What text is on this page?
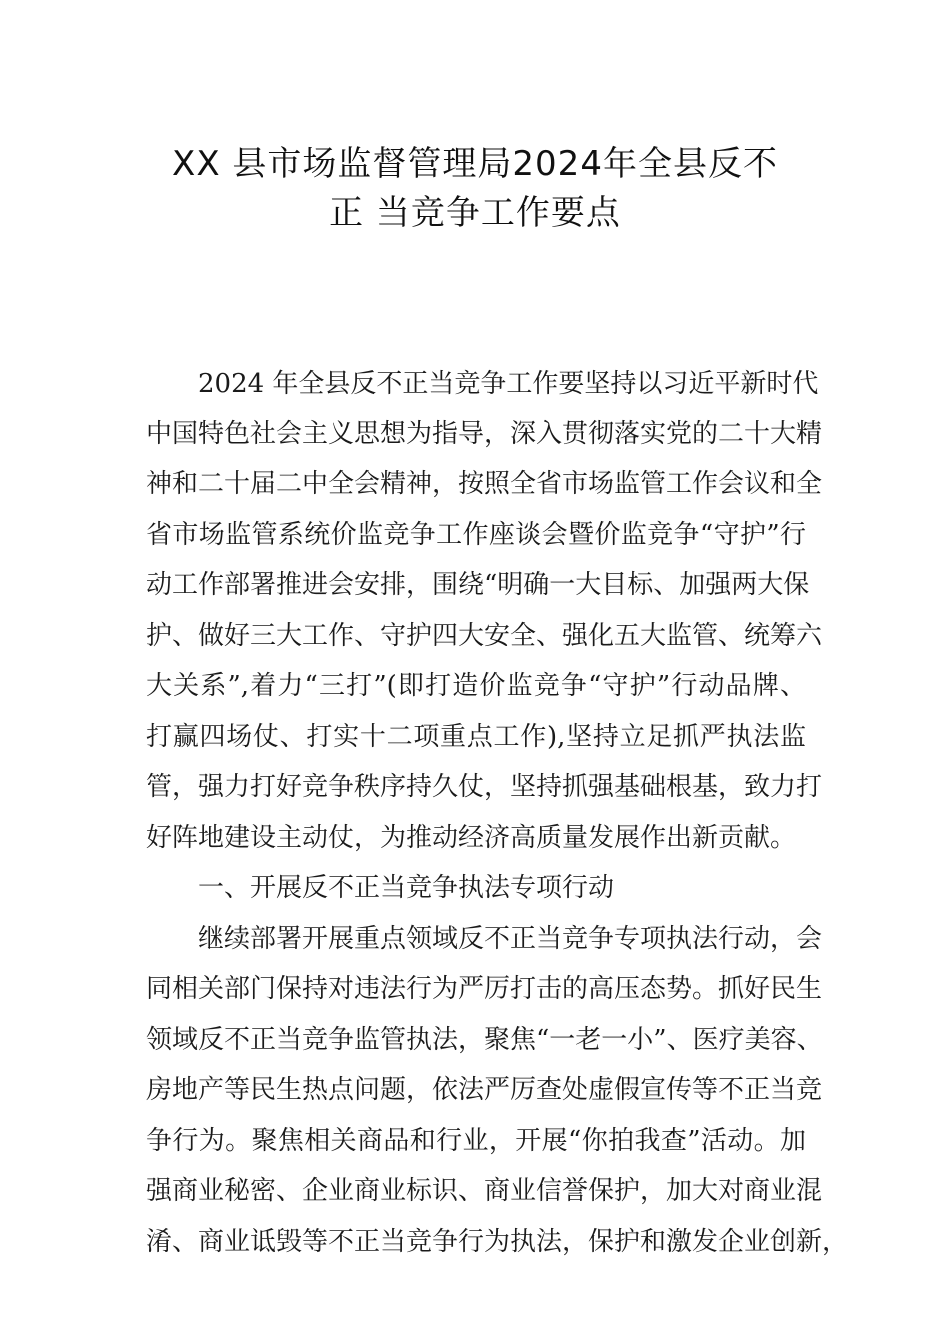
XX 县市场监督管理局2024年全县反不
正 当竞争工作要点
2024 年全县反不正当竞争工作要坚持以习近平新时代
中国特色社会主义思想为指导，深入贯彻落实党的二十大精
神和二十届二中全会精神，按照全省市场监管工作会议和全
省市场监管系统价监竞争工作座谈会暨价监竞争“守护”行
动工作部署推进会安排，围绕“明确一大目标、加强两大保
护、做好三大工作、守护四大安全、强化五大监管、统筹六
大关系”,着力“三打”(即打造价监竞争“守护”行动品牌、
打赢四场仗、打实十二项重点工作),坚持立足抓严执法监
管，强力打好竞争秩序持久仗，坚持抓强基础根基，致力打
好阵地建设主动仗，为推动经济高质量发展作出新贡献。
一、开展反不正当竞争执法专项行动
继续部署开展重点领域反不正当竞争专项执法行动，会
同相关部门保持对违法行为严厉打击的高压态势。抓好民生
领域反不正当竞争监管执法，聚焦“一老一小”、医疗美容、
房地产等民生热点问题，依法严厉查处虚假宣传等不正当竞
争行为。聚焦相关商品和行业，开展“你拍我查”活动。加
强商业秘密、企业商业标识、商业信誉保护，加大对商业混
淆、商业诋毁等不正当竞争行为执法，保护和激发企业创新，
